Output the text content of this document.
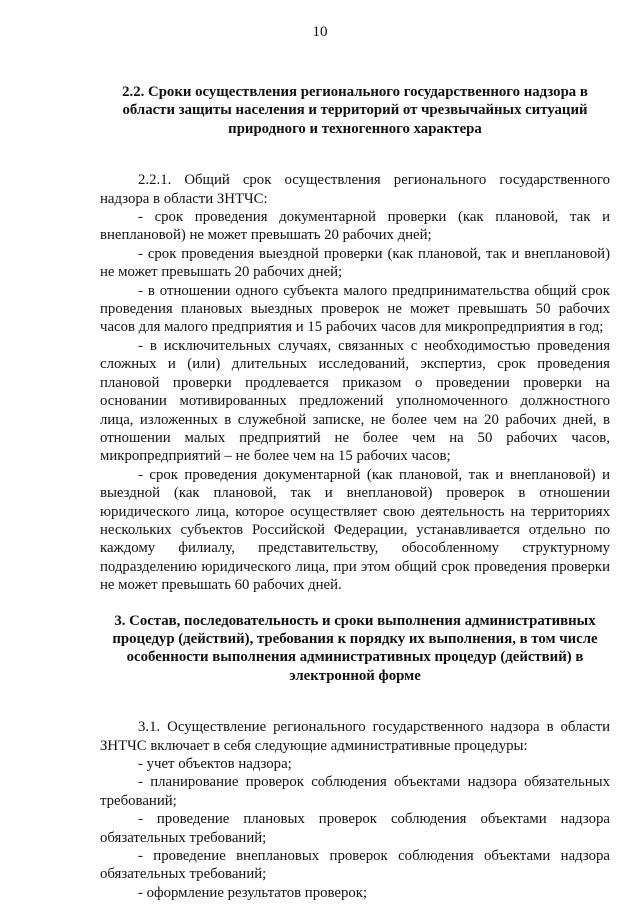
10
2.2. Сроки осуществления регионального государственного надзора в области защиты населения и территорий от чрезвычайных ситуаций природного и техногенного характера

2.2.1. Общий срок осуществления регионального государственного надзора в области ЗНТЧС:

- срок проведения документарной проверки (как плановой, так и внеплановой) не может превышать 20 рабочих дней;

- срок проведения выездной проверки (как плановой, так и внеплановой) не может превышать 20 рабочих дней;

- в отношении одного субъекта малого предпринимательства общий срок проведения плановых выездных проверок не может превышать 50 рабочих часов для малого предприятия и 15 рабочих часов для микропредприятия в год;

- в исключительных случаях, связанных с необходимостью проведения сложных и (или) длительных исследований, экспертиз, срок проведения плановой проверки продлевается приказом о проведении проверки на основании мотивированных предложений уполномоченного должностного лица, изложенных в служебной записке, не более чем на 20 рабочих дней, в отношении малых предприятий не более чем на 50 рабочих часов, микропредприятий – не более чем на 15 рабочих часов;

- срок проведения документарной (как плановой, так и внеплановой) и выездной (как плановой, так и внеплановой) проверок в отношении юридического лица, которое осуществляет свою деятельность на территориях нескольких субъектов Российской Федерации, устанавливается отдельно по каждому филиалу, представительству, обособленному структурному подразделению юридического лица, при этом общий срок проведения проверки не может превышать 60 рабочих дней.

3. Состав, последовательность и сроки выполнения административных процедур (действий), требования к порядку их выполнения, в том числе особенности выполнения административных процедур (действий) в электронной форме

3.1. Осуществление регионального государственного надзора в области ЗНТЧС включает в себя следующие административные процедуры:

- учет объектов надзора;

- планирование проверок соблюдения объектами надзора обязательных требований;

- проведение плановых проверок соблюдения объектами надзора обязательных требований;

- проведение внеплановых проверок соблюдения объектами надзора обязательных требований;

- оформление результатов проверок;
